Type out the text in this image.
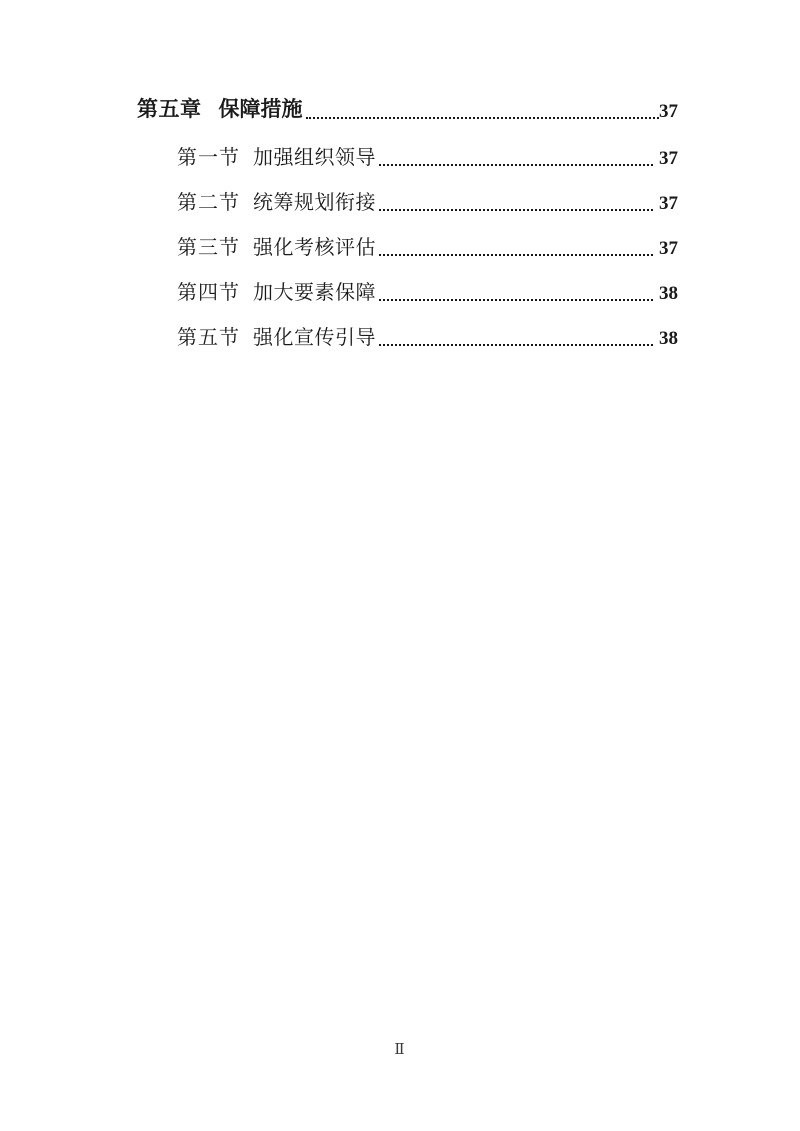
第五章 保障措施	37
第一节 加强组织领导	37
第二节 统筹规划衔接	37
第三节 强化考核评估	37
第四节 加大要素保障	38
第五节 强化宣传引导	38
Ⅱ
